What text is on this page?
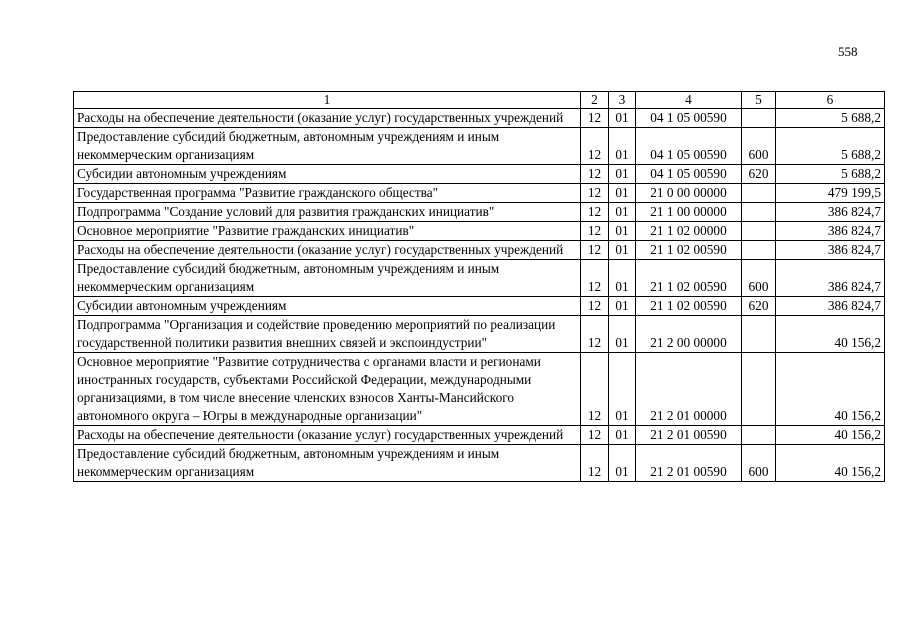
558
1	2	3	4	5	6
Расходы на обеспечение деятельности (оказание услуг) государственных учреждений	12	01	04 1 05 00590		5 688,2
Предоставление субсидий бюджетным, автономным учреждениям и иным некоммерческим организациям	12	01	04 1 05 00590	600	5 688,2
Субсидии автономным учреждениям	12	01	04 1 05 00590	620	5 688,2
Государственная программа "Развитие гражданского общества"	12	01	21 0 00 00000		479 199,5
Подпрограмма "Создание условий для развития гражданских инициатив"	12	01	21 1 00 00000		386 824,7
Основное мероприятие "Развитие гражданских инициатив"	12	01	21 1 02 00000		386 824,7
Расходы на обеспечение деятельности (оказание услуг) государственных учреждений	12	01	21 1 02 00590		386 824,7
Предоставление субсидий бюджетным, автономным учреждениям и иным некоммерческим организациям	12	01	21 1 02 00590	600	386 824,7
Субсидии автономным учреждениям	12	01	21 1 02 00590	620	386 824,7
Подпрограмма "Организация и содействие проведению мероприятий по реализации государственной политики развития внешних связей и экспоиндустрии"	12	01	21 2 00 00000		40 156,2
Основное мероприятие "Развитие сотрудничества с органами власти и регионами иностранных государств, субъектами Российской Федерации, международными организациями, в том числе внесение членских взносов Ханты-Мансийского автономного округа – Югры в международные организации"	12	01	21 2 01 00000		40 156,2
Расходы на обеспечение деятельности (оказание услуг) государственных учреждений	12	01	21 2 01 00590		40 156,2
Предоставление субсидий бюджетным, автономным учреждениям и иным некоммерческим организациям	12	01	21 2 01 00590	600	40 156,2
